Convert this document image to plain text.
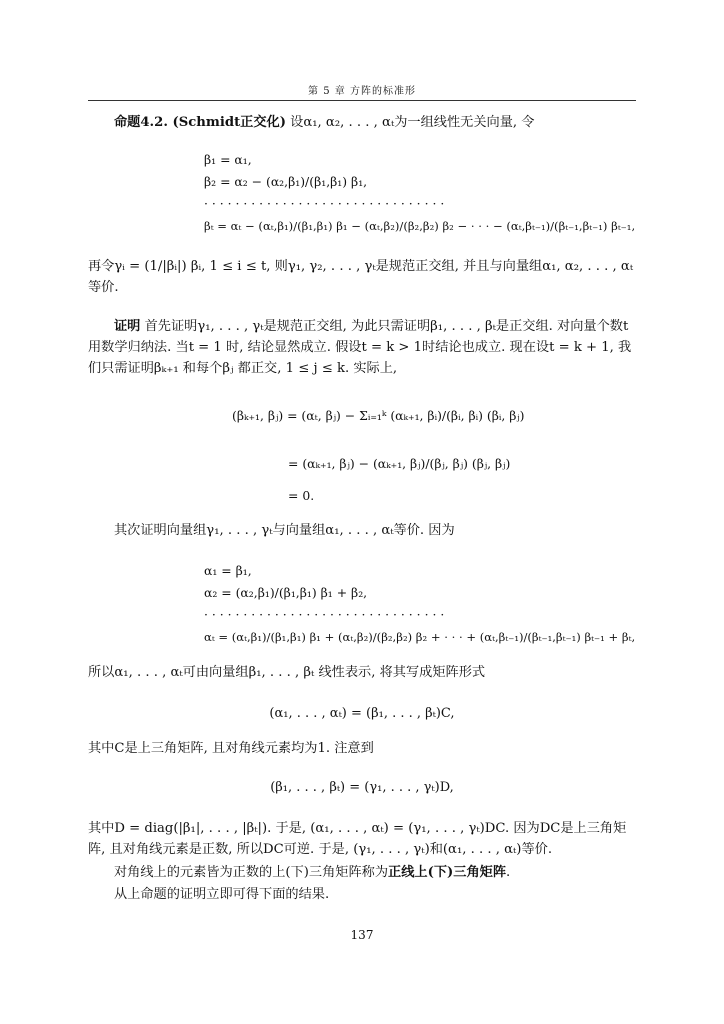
第 5 章 方阵的标准形
命题4.2. (Schmidt正交化) 设α₁, α₂, . . . , αₜ为一组线性无关向量, 令
β₁ = α₁,
β₂ = α₂ − (α₂,β₁)/(β₁,β₁) β₁,
· · · · · · · · · · · · · · · · · · · · · · · · · · · · · · ·
βₜ = αₜ − (αₜ,β₁)/(β₁,β₁) β₁ − (αₜ,β₂)/(β₂,β₂) β₂ − · · · − (αₜ,βₜ₋₁)/(βₜ₋₁,βₜ₋₁) βₜ₋₁,
再令γᵢ = (1/|βᵢ|) βᵢ, 1 ≤ i ≤ t, 则γ₁, γ₂, . . . , γₜ是规范正交组, 并且与向量组α₁, α₂, . . . , αₜ等价.
证明 首先证明γ₁, . . . , γₜ是规范正交组, 为此只需证明β₁, . . . , βₜ是正交组. 对向量个数t用数学归纳法. 当t = 1 时, 结论显然成立. 假设t = k > 1时结论也成立. 现在设t = k + 1, 我们只需证明βₖ₊₁ 和每个βⱼ 都正交, 1 ≤ j ≤ k. 实际上,
(βₖ₊₁, βⱼ) = (αₜ, βⱼ) − Σᵢ₌₁ᵏ (αₖ₊₁, βᵢ)/(βᵢ, βᵢ) (βᵢ, βⱼ)
= (αₖ₊₁, βⱼ) − (αₖ₊₁, βⱼ)/(βⱼ, βⱼ) (βⱼ, βⱼ)
= 0.
其次证明向量组γ₁, . . . , γₜ与向量组α₁, . . . , αₜ等价. 因为
α₁ = β₁,
α₂ = (α₂,β₁)/(β₁,β₁) β₁ + β₂,
· · · · · · · · · · · · · · · · · · · · · · · · · · · · · · ·
αₜ = (αₜ,β₁)/(β₁,β₁) β₁ + (αₜ,β₂)/(β₂,β₂) β₂ + · · · + (αₜ,βₜ₋₁)/(βₜ₋₁,βₜ₋₁) βₜ₋₁ + βₜ,
所以α₁, . . . , αₜ可由向量组β₁, . . . , βₜ 线性表示, 将其写成矩阵形式
(α₁, . . . , αₜ) = (β₁, . . . , βₜ)C,
其中C是上三角矩阵, 且对角线元素均为1. 注意到
(β₁, . . . , βₜ) = (γ₁, . . . , γₜ)D,
其中D = diag(|β₁|, . . . , |βₜ|). 于是, (α₁, . . . , αₜ) = (γ₁, . . . , γₜ)DC. 因为DC是上三角矩阵, 且对角线元素是正数, 所以DC可逆. 于是, (γ₁, . . . , γₜ)和(α₁, . . . , αₜ)等价.
对角线上的元素皆为正数的上(下)三角矩阵称为正线上(下)三角矩阵.
从上命题的证明立即可得下面的结果.
137
